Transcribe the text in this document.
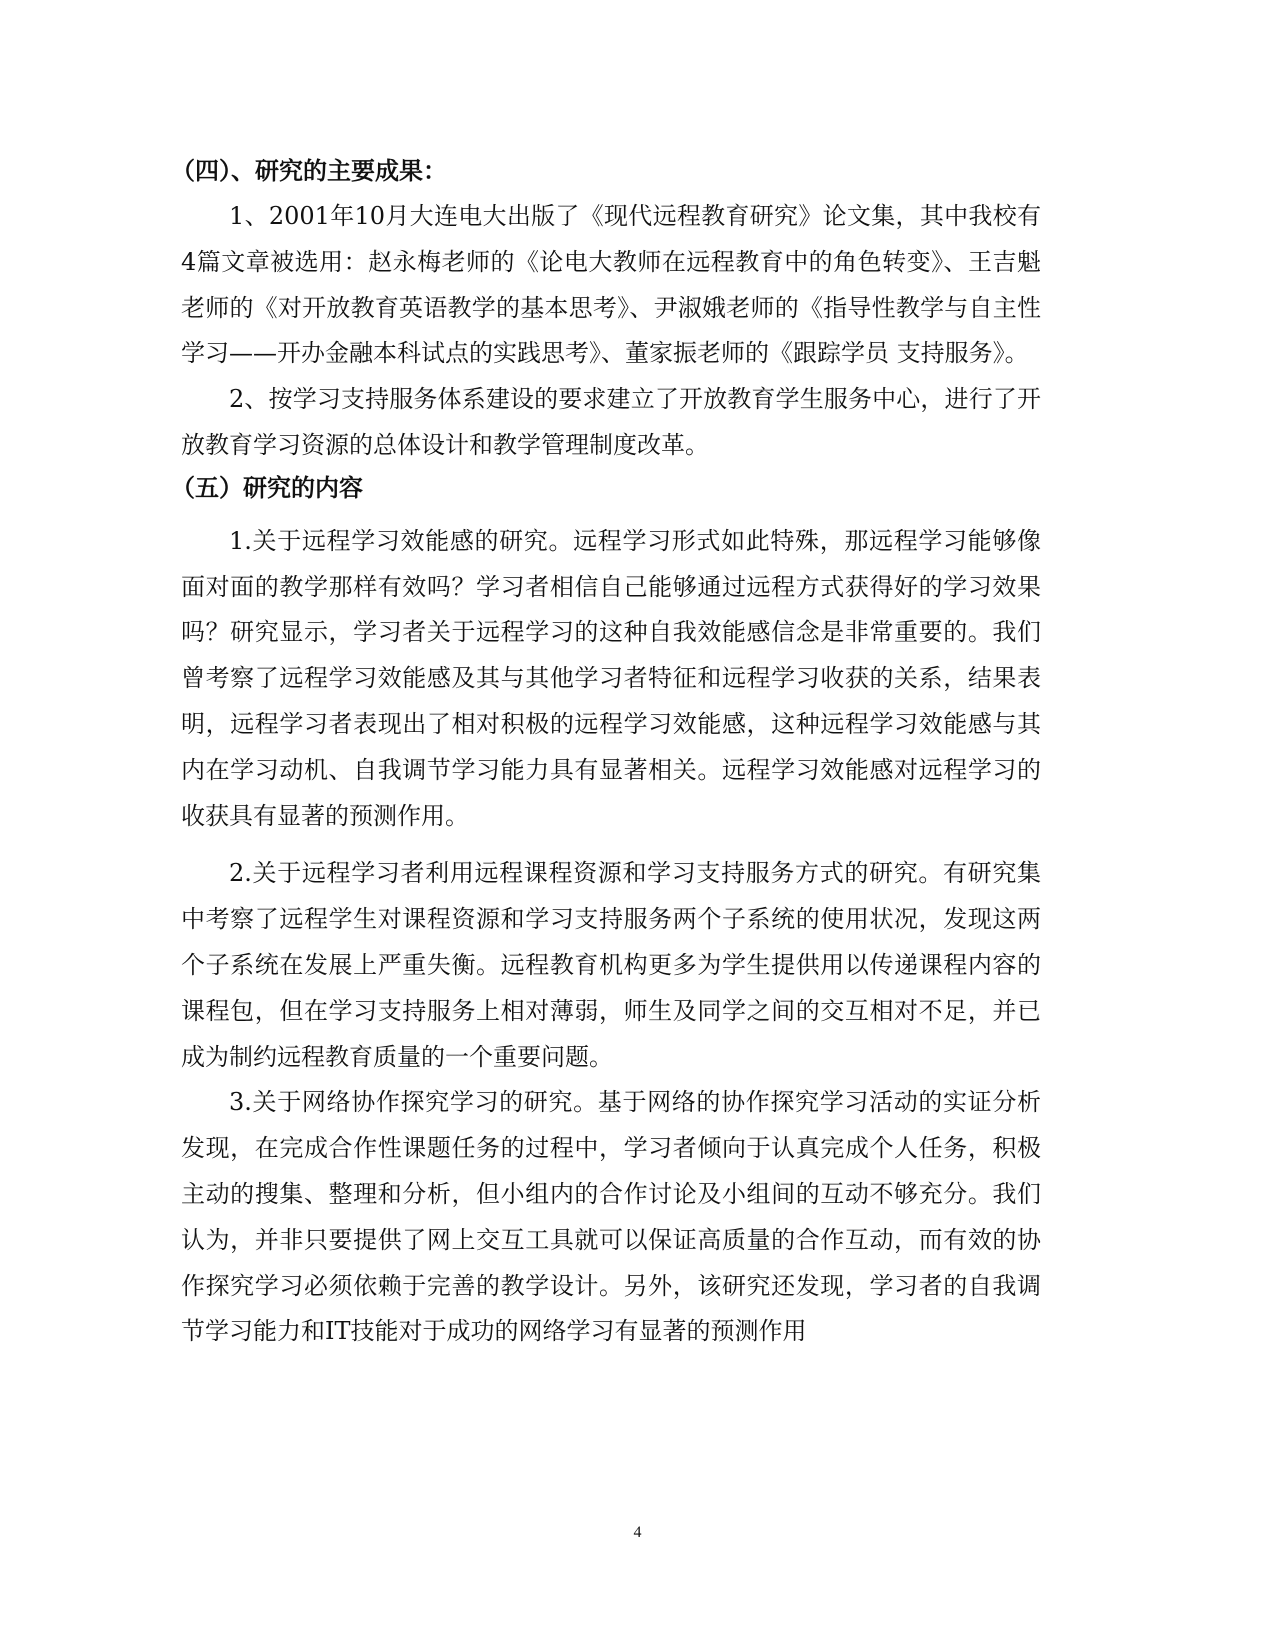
（四）、研究的主要成果：

1、2001年10月大连电大出版了《现代远程教育研究》论文集，其中我校有4篇文章被选用：赵永梅老师的《论电大教师在远程教育中的角色转变》、王吉魁老师的《对开放教育英语教学的基本思考》、尹淑娥老师的《指导性教学与自主性学习——开办金融本科试点的实践思考》、董家振老师的《跟踪学员 支持服务》。

2、按学习支持服务体系建设的要求建立了开放教育学生服务中心，进行了开放教育学习资源的总体设计和教学管理制度改革。

（五）研究的内容

1.关于远程学习效能感的研究。远程学习形式如此特殊，那远程学习能够像面对面的教学那样有效吗？学习者相信自己能够通过远程方式获得好的学习效果吗？研究显示，学习者关于远程学习的这种自我效能感信念是非常重要的。我们曾考察了远程学习效能感及其与其他学习者特征和远程学习收获的关系，结果表明，远程学习者表现出了相对积极的远程学习效能感，这种远程学习效能感与其内在学习动机、自我调节学习能力具有显著相关。远程学习效能感对远程学习的收获具有显著的预测作用。

2.关于远程学习者利用远程课程资源和学习支持服务方式的研究。有研究集中考察了远程学生对课程资源和学习支持服务两个子系统的使用状况，发现这两个子系统在发展上严重失衡。远程教育机构更多为学生提供用以传递课程内容的课程包，但在学习支持服务上相对薄弱，师生及同学之间的交互相对不足，并已成为制约远程教育质量的一个重要问题。

3.关于网络协作探究学习的研究。基于网络的协作探究学习活动的实证分析发现，在完成合作性课题任务的过程中，学习者倾向于认真完成个人任务，积极主动的搜集、整理和分析，但小组内的合作讨论及小组间的互动不够充分。我们认为，并非只要提供了网上交互工具就可以保证高质量的合作互动，而有效的协作探究学习必须依赖于完善的教学设计。另外，该研究还发现，学习者的自我调节学习能力和IT技能对于成功的网络学习有显著的预测作用

4
